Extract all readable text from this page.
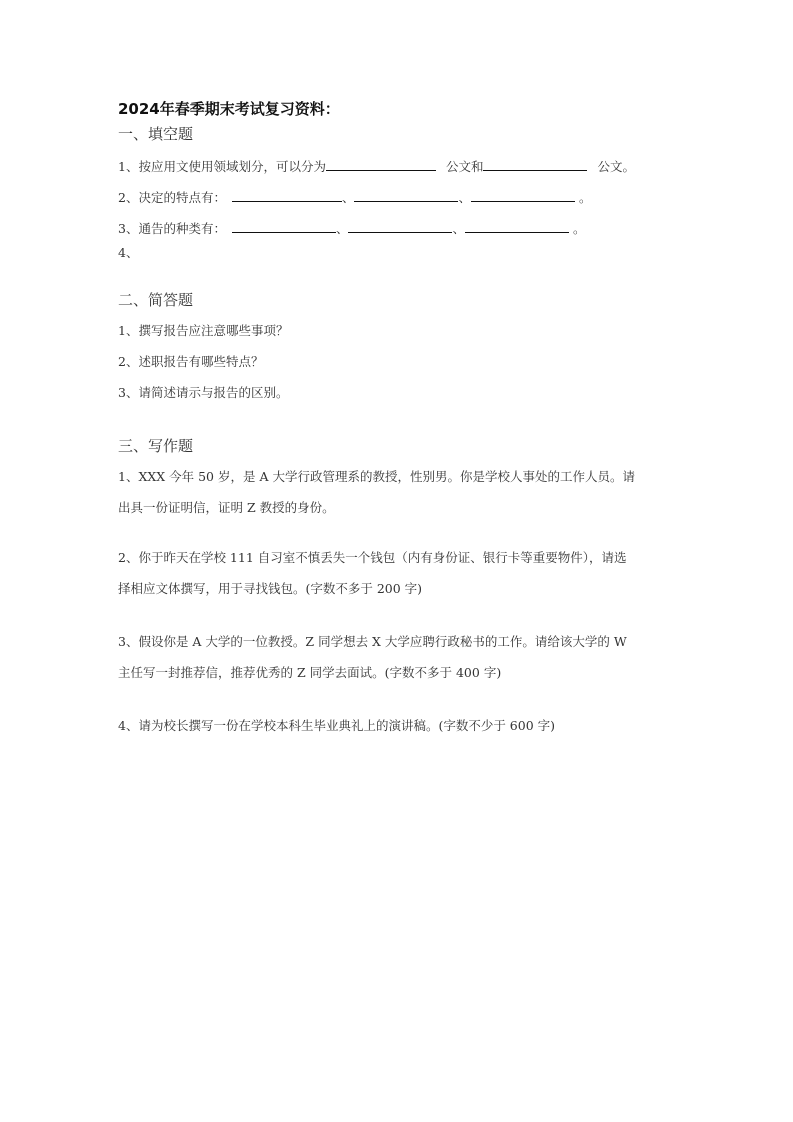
2024年春季期末考试复习资料：
一、填空题
1、按应用文使用领域划分，可以分为	公文和	公文。
2、决定的特点有：	、	、	。
3、通告的种类有：	、	、	。
4、
二、简答题
1、撰写报告应注意哪些事项？
2、述职报告有哪些特点？
3、请简述请示与报告的区别。
三、写作题
1、XXX 今年 50 岁，是 A 大学行政管理系的教授，性别男。你是学校人事处的工作人员。请
出具一份证明信，证明 Z 教授的身份。
2、你于昨天在学校 111 自习室不慎丢失一个钱包（内有身份证、银行卡等重要物件），请选
择相应文体撰写，用于寻找钱包。(字数不多于 200 字)
3、假设你是 A 大学的一位教授。Z 同学想去 X 大学应聘行政秘书的工作。请给该大学的 W
主任写一封推荐信，推荐优秀的 Z 同学去面试。(字数不多于 400 字)
4、请为校长撰写一份在学校本科生毕业典礼上的演讲稿。(字数不少于 600 字)
